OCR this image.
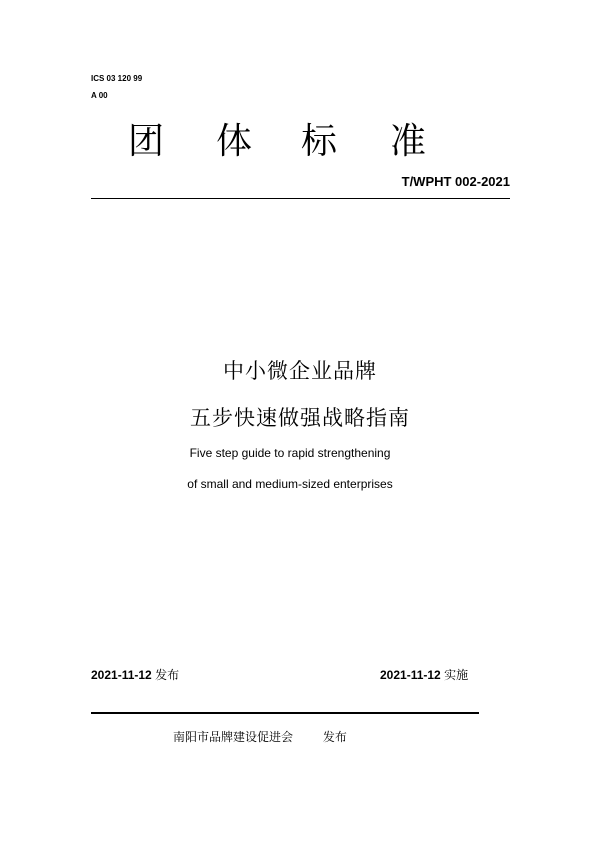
ICS 03 120 99
A 00
团 体 标 准
T/WPHT 002-2021
中小微企业品牌
五步快速做强战略指南
Five step guide to rapid strengthening
of small and medium-sized enterprises
2021-11-12 发布	2021-11-12 实施
南阳市品牌建设促进会 发布
